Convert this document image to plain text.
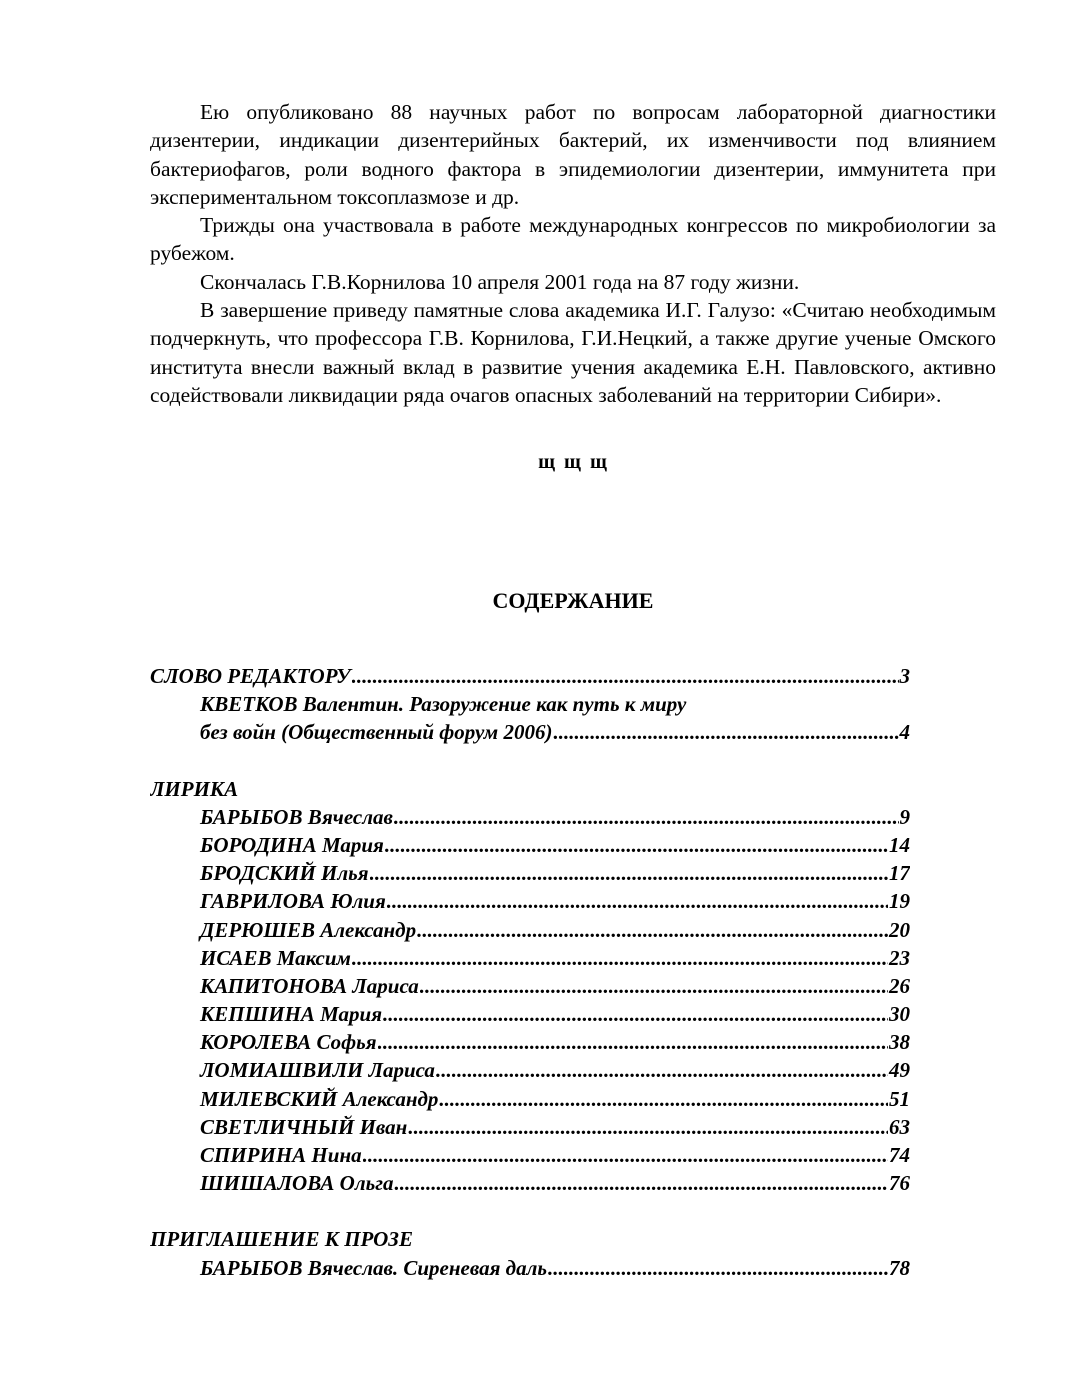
Ею опубликовано 88 научных работ по вопросам лабораторной диагностики дизентерии, индикации дизентерийных бактерий, их изменчивости под влиянием бактериофагов, роли водного фактора в эпидемиологии дизентерии, иммунитета при экспериментальном токсоплазмозе и др.

Трижды она участвовала в работе международных конгрессов по микробиологии за рубежом.

Скончалась Г.В.Корнилова 10 апреля 2001 года на 87 году жизни.

В завершение приведу памятные слова академика И.Г. Галузо: «Считаю необходимым подчеркнуть, что профессора Г.В. Корнилова, Г.И.Нецкий, а также другие ученые Омского института внесли важный вклад в развитие учения академика Е.Н. Павловского, активно содействовали ликвидации ряда очагов опасных заболеваний на территории Сибири».

щ щ щ
СОДЕРЖАНИЕ
СЛОВО РЕДАКТОРУ .....	3
КВЕТКОВ Валентин. Разоружение как путь к миру
без войн (Общественный форум 2006) .....	4
ЛИРИКА
БАРЫБОВ Вячеслав .....	9
БОРОДИНА Мария .....	14
БРОДСКИЙ Илья .....	17
ГАВРИЛОВА Юлия .....	19
ДЕРЮШЕВ Александр .....	20
ИСАЕВ Максим .....	23
КАПИТОНОВА Лариса .....	26
КЕПШИНА Мария .....	30
КОРОЛЕВА Софья .....	38
ЛОМИАШВИЛИ Лариса .....	49
МИЛЕВСКИЙ Александр .....	51
СВЕТЛИЧНЫЙ Иван .....	63
СПИРИНА Нина .....	74
ШИШАЛОВА Ольга .....	76
ПРИГЛАШЕНИЕ К ПРОЗЕ
БАРЫБОВ Вячеслав. Сиреневая даль .....	78
